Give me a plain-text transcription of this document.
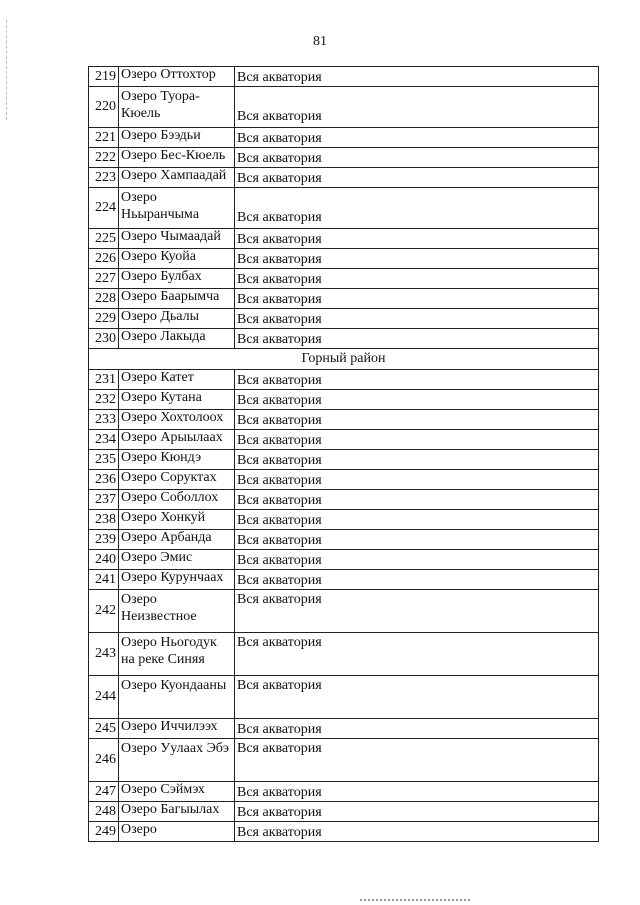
81
219	Озеро Оттохтор	Вся акватория
220	Озеро Туора-Кюель	Вся акватория
221	Озеро Бээдьи	Вся акватория
222	Озеро Бес-Кюель	Вся акватория
223	Озеро Хампаадай	Вся акватория
224	Озеро Ньыранчыма	Вся акватория
225	Озеро Чымаадай	Вся акватория
226	Озеро Куойа	Вся акватория
227	Озеро Булбах	Вся акватория
228	Озеро Баарымча	Вся акватория
229	Озеро Дьалы	Вся акватория
230	Озеро Лакыда	Вся акватория
Горный район		
231	Озеро Катет	Вся акватория
232	Озеро Кутана	Вся акватория
233	Озеро Хохтолоох	Вся акватория
234	Озеро Арыылаах	Вся акватория
235	Озеро Кюндэ	Вся акватория
236	Озеро Соруктах	Вся акватория
237	Озеро Соболлох	Вся акватория
238	Озеро Хонкуй	Вся акватория
239	Озеро Арбанда	Вся акватория
240	Озеро Эмис	Вся акватория
241	Озеро Курунчаах	Вся акватория
242	Озеро Неизвестное	Вся акватория
243	Озеро Ньогодук на реке Синяя	Вся акватория
244	Озеро Куондааны	Вся акватория
245	Озеро Иччилээх	Вся акватория
246	Озеро Уулаах Эбэ	Вся акватория
247	Озеро Сэймэх	Вся акватория
248	Озеро Багыылах	Вся акватория
249	Озеро	Вся акватория
